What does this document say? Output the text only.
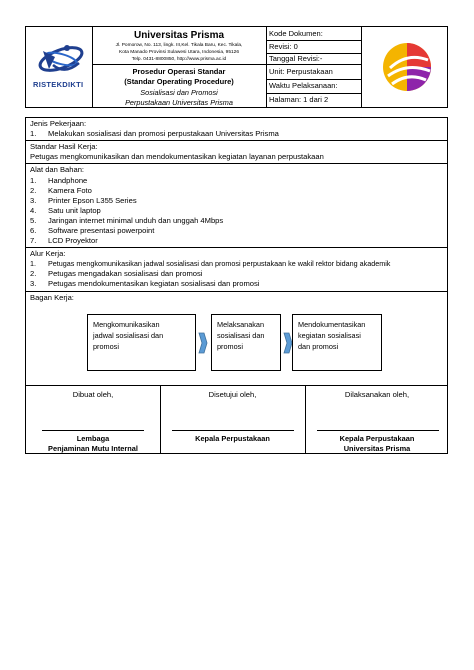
RISTEKDIKTI
Universitas Prisma
Jl. Pomorow, No. 113, lingk. III,Kel. Tikala Baru, Kec. Tikala,
Kota Manado Provinsi Sulawesi Utara, Indonesia, 95126
Telp. 0431-8800850, http://www.prisma.ac.id
Prosedur Operasi Standar
(Standar Operating Procedure)
Sosialisasi dan Promosi
Perpustakaan Universitas Prisma
Kode Dokumen:
Revisi: 0
Tanggal Revisi:-
Unit: Perpustakaan
Waktu Pelaksanaan:
Halaman: 1 dari 2
Jenis Pekerjaan:
1. Melakukan sosialisasi dan promosi perpustakaan Universitas Prisma
Standar Hasil Kerja:
Petugas mengkomunikasikan dan mendokumentasikan kegiatan layanan perpustakaan
Alat dan Bahan:
1. Handphone
2. Kamera Foto
3. Printer Epson L355 Series
4. Satu unit laptop
5. Jaringan internet minimal unduh dan unggah 4Mbps
6. Software presentasi powerpoint
7. LCD Proyektor
Alur Kerja:
1. Petugas mengkomunikasikan jadwal sosialisasi dan promosi perpustakaan ke wakil rektor bidang akademik
2. Petugas mengadakan sosialisasi dan promosi
3. Petugas mendokumentasikan kegiatan sosialisasi dan promosi
Bagan Kerja:
Mengkomunikasikan
jadwal sosialisasi dan
promosi
Melaksanakan
sosialisasi dan
promosi
Mendokumentasikan
kegiatan sosialisasi
dan promosi
Dibuat oleh,
Lembaga
Penjaminan Mutu Internal
Disetujui oleh,
Kepala Perpustakaan
Dilaksanakan oleh,
Kepala Perpustakaan
Universitas Prisma
